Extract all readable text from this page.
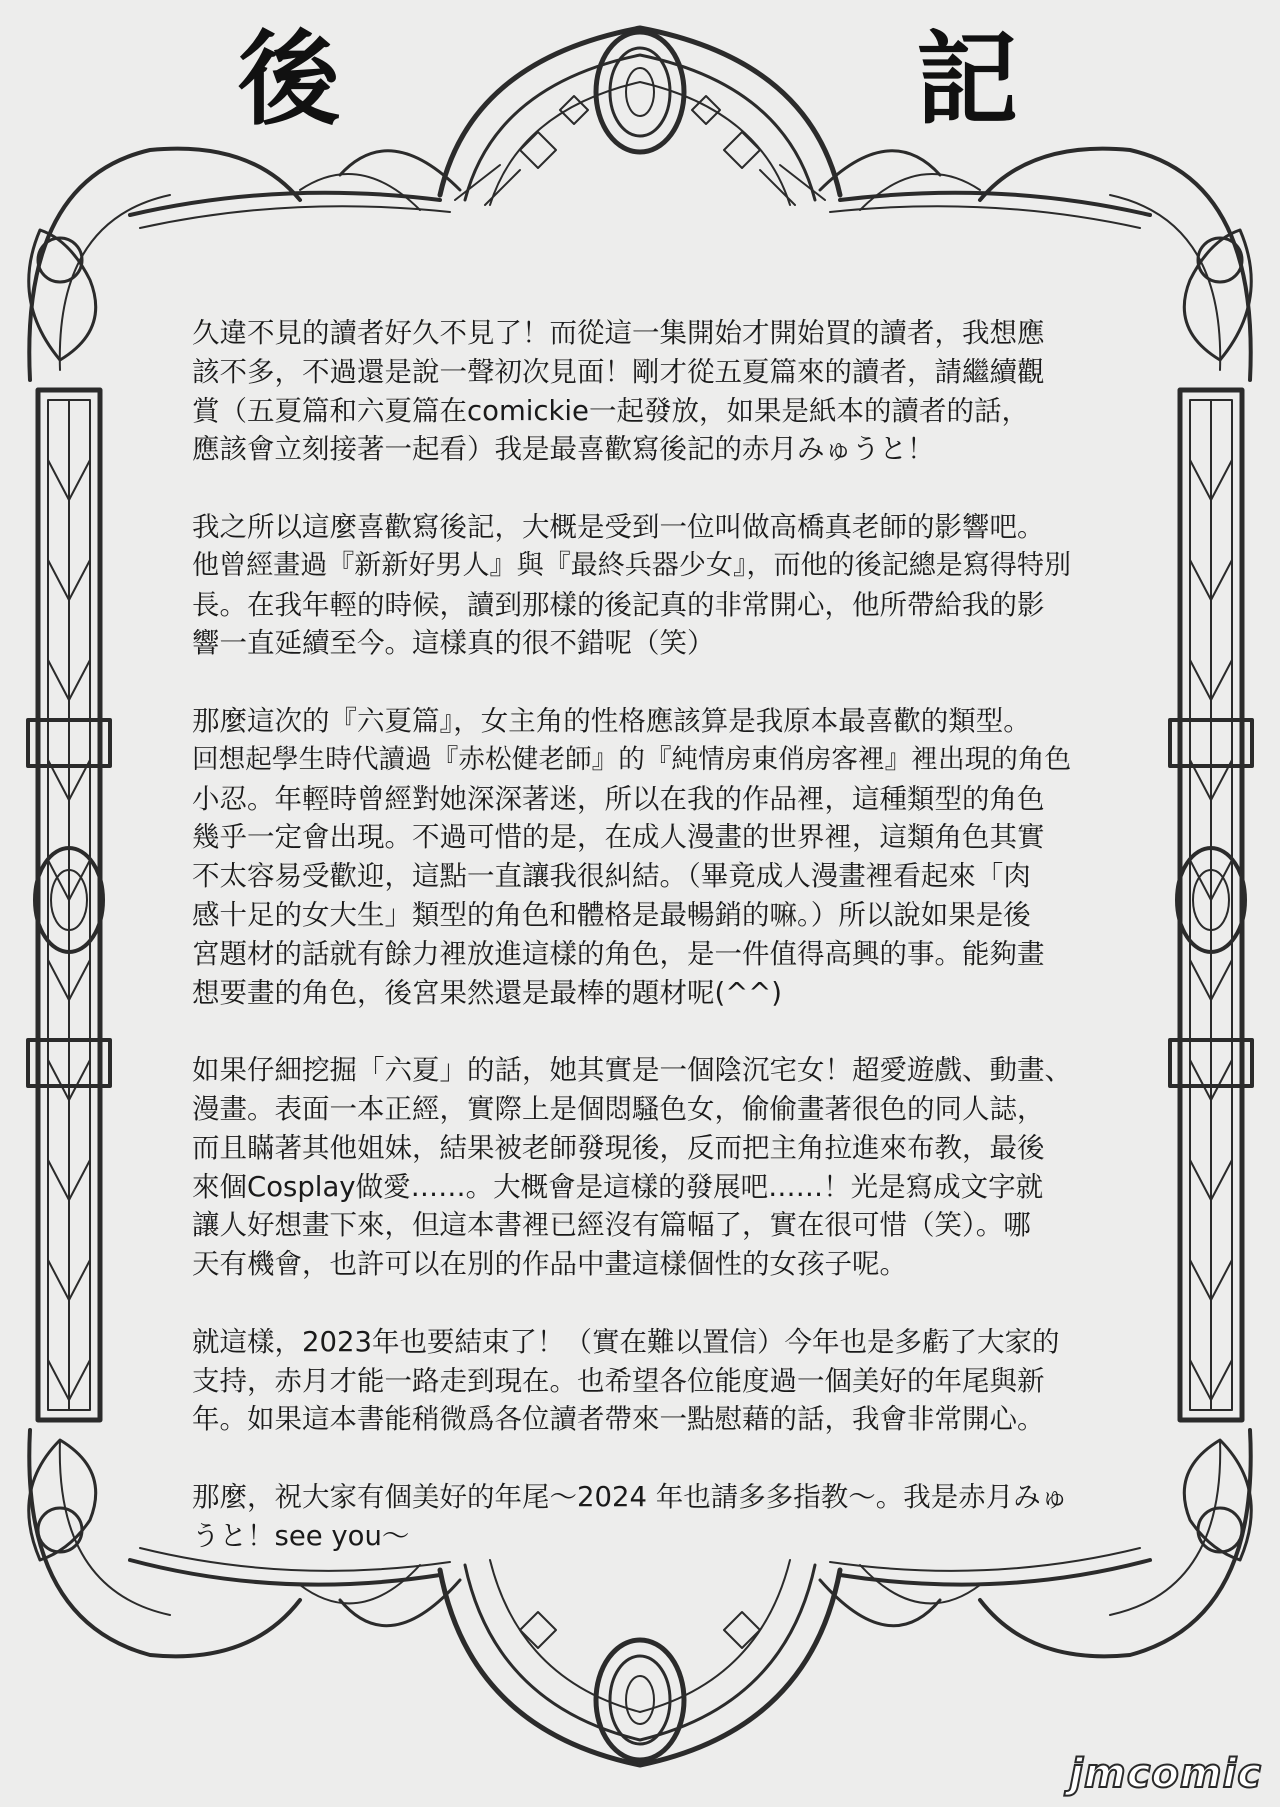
後	記
久違不見的讀者好久不見了！而從這一集開始才開始買的讀者，我想應
該不多，不過還是說一聲初次見面！剛才從五夏篇來的讀者，請繼續觀
賞（五夏篇和六夏篇在comickie一起發放，如果是紙本的讀者的話，
應該會立刻接著一起看）我是最喜歡寫後記的赤月みゅうと！
我之所以這麼喜歡寫後記，大概是受到一位叫做高橋真老師的影響吧。
他曾經畫過『新新好男人』與『最終兵器少女』，而他的後記總是寫得特別
長。在我年輕的時候，讀到那樣的後記真的非常開心，他所帶給我的影
響一直延續至今。這樣真的很不錯呢（笑）
那麼這次的『六夏篇』，女主角的性格應該算是我原本最喜歡的類型。
回想起學生時代讀過『赤松健老師』的『純情房東俏房客裡』裡出現的角色
小忍。年輕時曾經對她深深著迷，所以在我的作品裡，這種類型的角色
幾乎一定會出現。不過可惜的是，在成人漫畫的世界裡，這類角色其實
不太容易受歡迎，這點一直讓我很糾結。（畢竟成人漫畫裡看起來「肉
感十足的女大生」類型的角色和體格是最暢銷的嘛。）所以說如果是後
宮題材的話就有餘力裡放進這樣的角色，是一件值得高興的事。能夠畫
想要畫的角色，後宮果然還是最棒的題材呢(^^)
如果仔細挖掘「六夏」的話，她其實是一個陰沉宅女！超愛遊戲、動畫、
漫畫。表面一本正經，實際上是個悶騷色女，偷偷畫著很色的同人誌，
而且瞞著其他姐妹，結果被老師發現後，反而把主角拉進來布教，最後
來個Cosplay做愛……。大概會是這樣的發展吧……！光是寫成文字就
讓人好想畫下來，但這本書裡已經沒有篇幅了，實在很可惜（笑）。哪
天有機會，也許可以在別的作品中畫這樣個性的女孩子呢。
就這樣，2023年也要結束了！（實在難以置信）今年也是多虧了大家的
支持，赤月才能一路走到現在。也希望各位能度過一個美好的年尾與新
年。如果這本書能稍微爲各位讀者帶來一點慰藉的話，我會非常開心。
那麼，祝大家有個美好的年尾～2024 年也請多多指教～。我是赤月みゅ
うと！see you～
jmcomic
